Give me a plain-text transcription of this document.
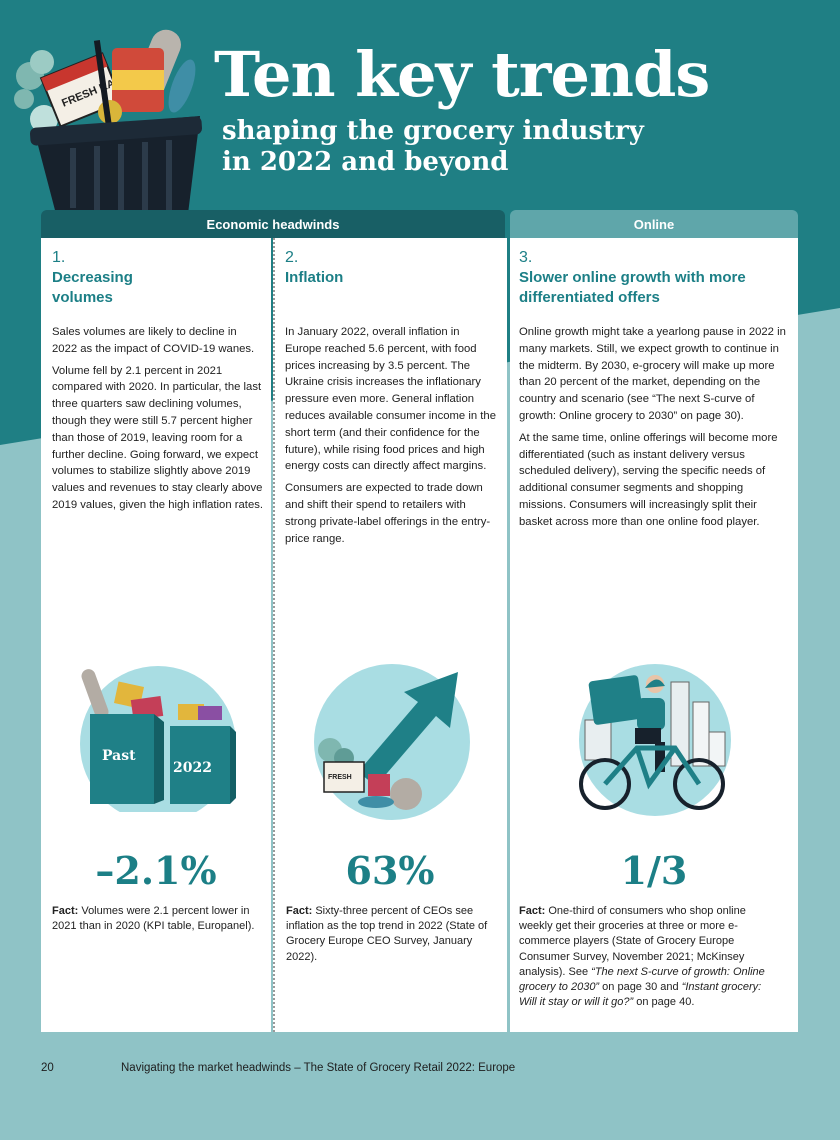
FRESH	Ten key trends
shaping the grocery industry
in 2022 and beyond
Economic headwinds	Online
1.
Decreasing
volumes

Sales volumes are likely to decline in 2022 as the impact of COVID-19 wanes.

Volume fell by 2.1 percent in 2021 compared with 2020. In particular, the last three quarters saw declining volumes, though they were still 5.7 percent higher than those of 2019, leaving room for a further decline. Going forward, we expect volumes to stabilize slightly above 2019 values and revenues to stay clearly above 2019 values, given the high inflation rates.

2.
Inflation

In January 2022, overall inflation in Europe reached 5.6 percent, with food prices increasing by 3.5 percent. The Ukraine crisis increases the inflationary pressure even more. General inflation reduces available consumer income in the short term (and their confidence for the future), while rising food prices and high energy costs can directly affect margins.

Consumers are expected to trade down and shift their spend to retailers with strong private-label offerings in the entry-price range.

3.
Slower online growth with more
differentiated offers

Online growth might take a yearlong pause in 2022 in many markets. Still, we expect growth to continue in the midterm. By 2030, e-grocery will make up more than 20 percent of the market, depending on the country and scenario (see “The next S-curve of growth: Online grocery to 2030” on page 30).

At the same time, online offerings will become more differentiated (such as instant delivery versus scheduled delivery), serving the specific needs of additional consumer segments and shopping missions. Consumers will increasingly split their basket across more than one online food player.

Past
2022
FRESH
–2.1%	63%	1/3
Fact: Volumes were 2.1 percent lower in 2021 than in 2020 (KPI table, Europanel).
Fact: Sixty-three percent of CEOs see inflation as the top trend in 2022 (State of Grocery Europe CEO Survey, January 2022).
Fact: One-third of consumers who shop online weekly get their groceries at three or more e-commerce players (State of Grocery Europe Consumer Survey, November 2021; McKinsey analysis). See “The next S-curve of growth: Online grocery to 2030” on page 30 and “Instant grocery: Will it stay or will it go?” on page 40.
20	Navigating the market headwinds – The State of Grocery Retail 2022: Europe
